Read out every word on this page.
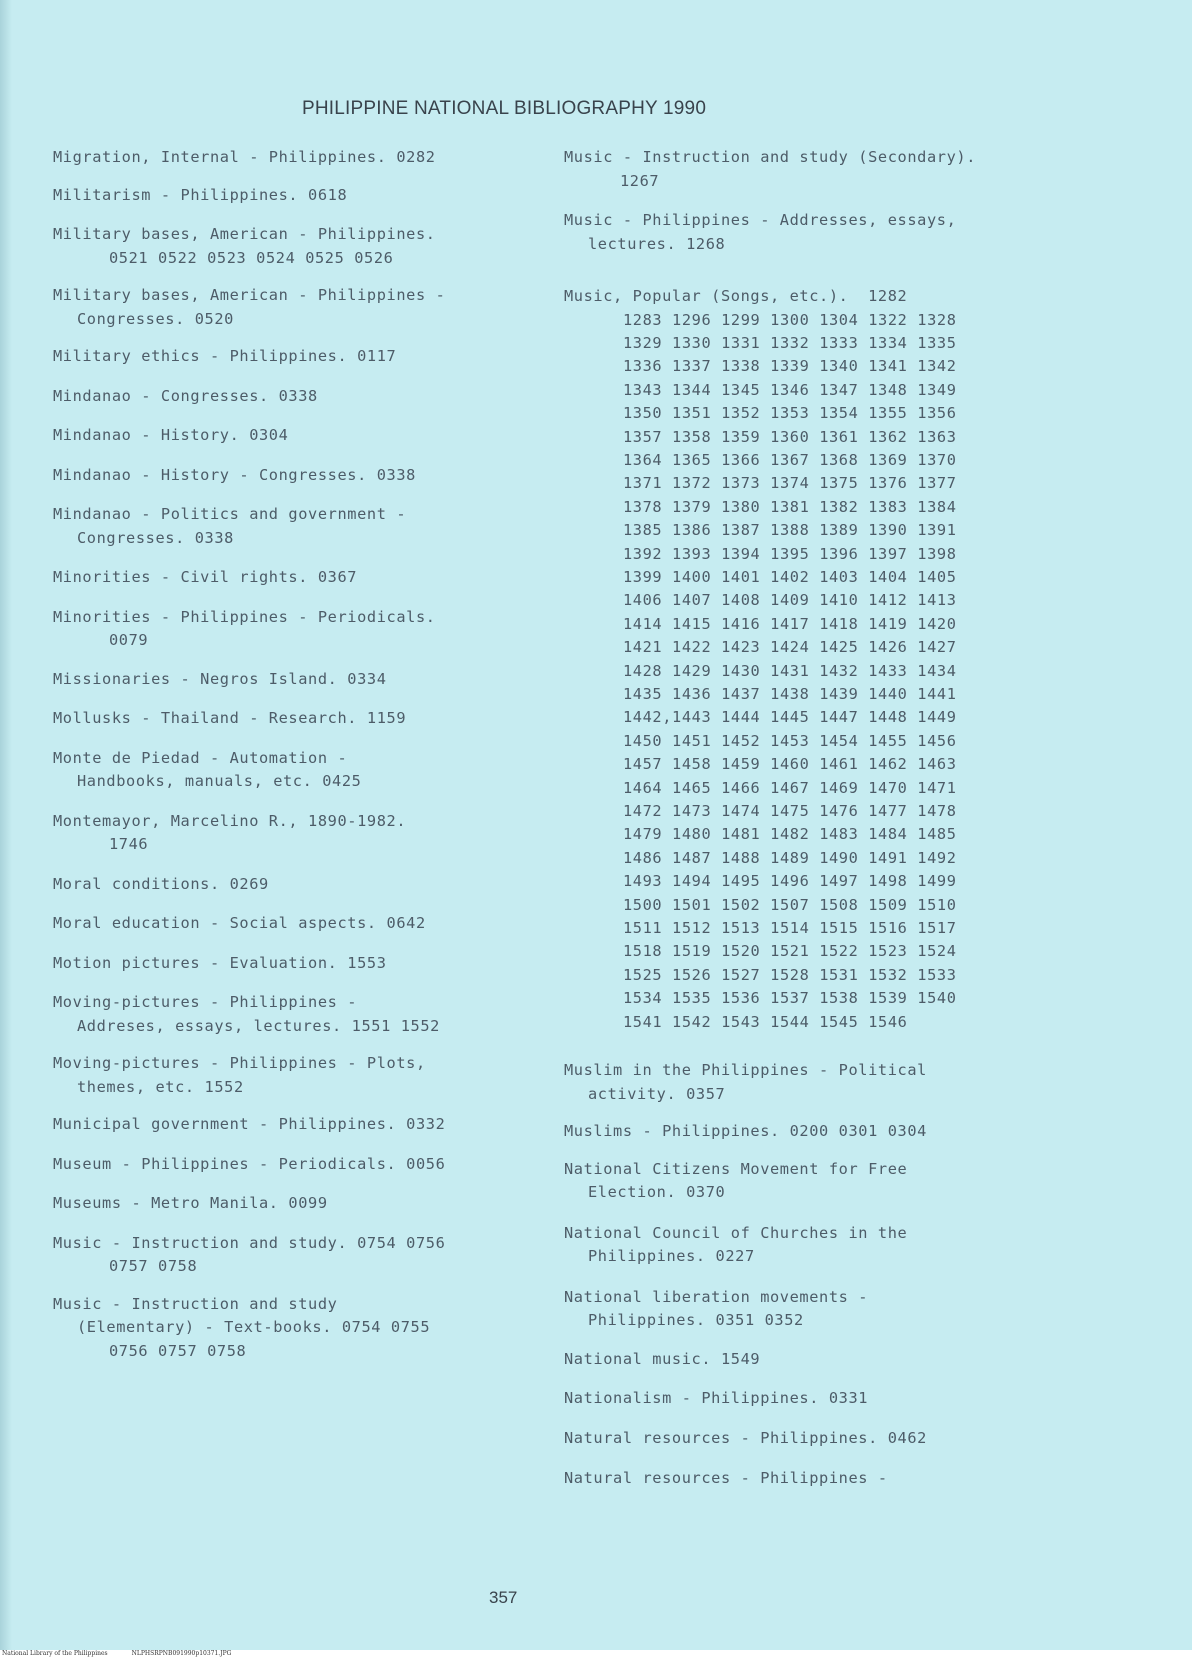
PHILIPPINE NATIONAL BIBLIOGRAPHY 1990
Migration, Internal - Philippines. 0282
Militarism - Philippines. 0618
Military bases, American - Philippines.
0521 0522 0523 0524 0525 0526
Military bases, American - Philippines -
Congresses. 0520
Military ethics - Philippines. 0117
Mindanao - Congresses. 0338
Mindanao - History. 0304
Mindanao - History - Congresses. 0338
Mindanao - Politics and government -
Congresses. 0338
Minorities - Civil rights. 0367
Minorities - Philippines - Periodicals.
0079
Missionaries - Negros Island. 0334
Mollusks - Thailand - Research. 1159
Monte de Piedad - Automation -
Handbooks, manuals, etc. 0425
Montemayor, Marcelino R., 1890-1982.
1746
Moral conditions. 0269
Moral education - Social aspects. 0642
Motion pictures - Evaluation. 1553
Moving-pictures - Philippines -
Addreses, essays, lectures. 1551 1552
Moving-pictures - Philippines - Plots,
themes, etc. 1552
Municipal government - Philippines. 0332
Museum - Philippines - Periodicals. 0056
Museums - Metro Manila. 0099
Music - Instruction and study. 0754 0756
0757 0758
Music - Instruction and study
(Elementary) - Text-books. 0754 0755
0756 0757 0758
Music - Instruction and study (Secondary).
1267
Music - Philippines - Addresses, essays,
lectures. 1268
Music, Popular (Songs, etc.).  1282
1283 1296 1299 1300 1304 1322 1328
1329 1330 1331 1332 1333 1334 1335
1336 1337 1338 1339 1340 1341 1342
1343 1344 1345 1346 1347 1348 1349
1350 1351 1352 1353 1354 1355 1356
1357 1358 1359 1360 1361 1362 1363
1364 1365 1366 1367 1368 1369 1370
1371 1372 1373 1374 1375 1376 1377
1378 1379 1380 1381 1382 1383 1384
1385 1386 1387 1388 1389 1390 1391
1392 1393 1394 1395 1396 1397 1398
1399 1400 1401 1402 1403 1404 1405
1406 1407 1408 1409 1410 1412 1413
1414 1415 1416 1417 1418 1419 1420
1421 1422 1423 1424 1425 1426 1427
1428 1429 1430 1431 1432 1433 1434
1435 1436 1437 1438 1439 1440 1441
1442,1443 1444 1445 1447 1448 1449
1450 1451 1452 1453 1454 1455 1456
1457 1458 1459 1460 1461 1462 1463
1464 1465 1466 1467 1469 1470 1471
1472 1473 1474 1475 1476 1477 1478
1479 1480 1481 1482 1483 1484 1485
1486 1487 1488 1489 1490 1491 1492
1493 1494 1495 1496 1497 1498 1499
1500 1501 1502 1507 1508 1509 1510
1511 1512 1513 1514 1515 1516 1517
1518 1519 1520 1521 1522 1523 1524
1525 1526 1527 1528 1531 1532 1533
1534 1535 1536 1537 1538 1539 1540
1541 1542 1543 1544 1545 1546
Muslim in the Philippines - Political
activity. 0357
Muslims - Philippines. 0200 0301 0304
National Citizens Movement for Free
Election. 0370
National Council of Churches in the
Philippines. 0227
National liberation movements -
Philippines. 0351 0352
National music. 1549
Nationalism - Philippines. 0331
Natural resources - Philippines. 0462
Natural resources - Philippines -
357
National Library of the Philippines	NLPHSRPNB091990p10371.JPG
